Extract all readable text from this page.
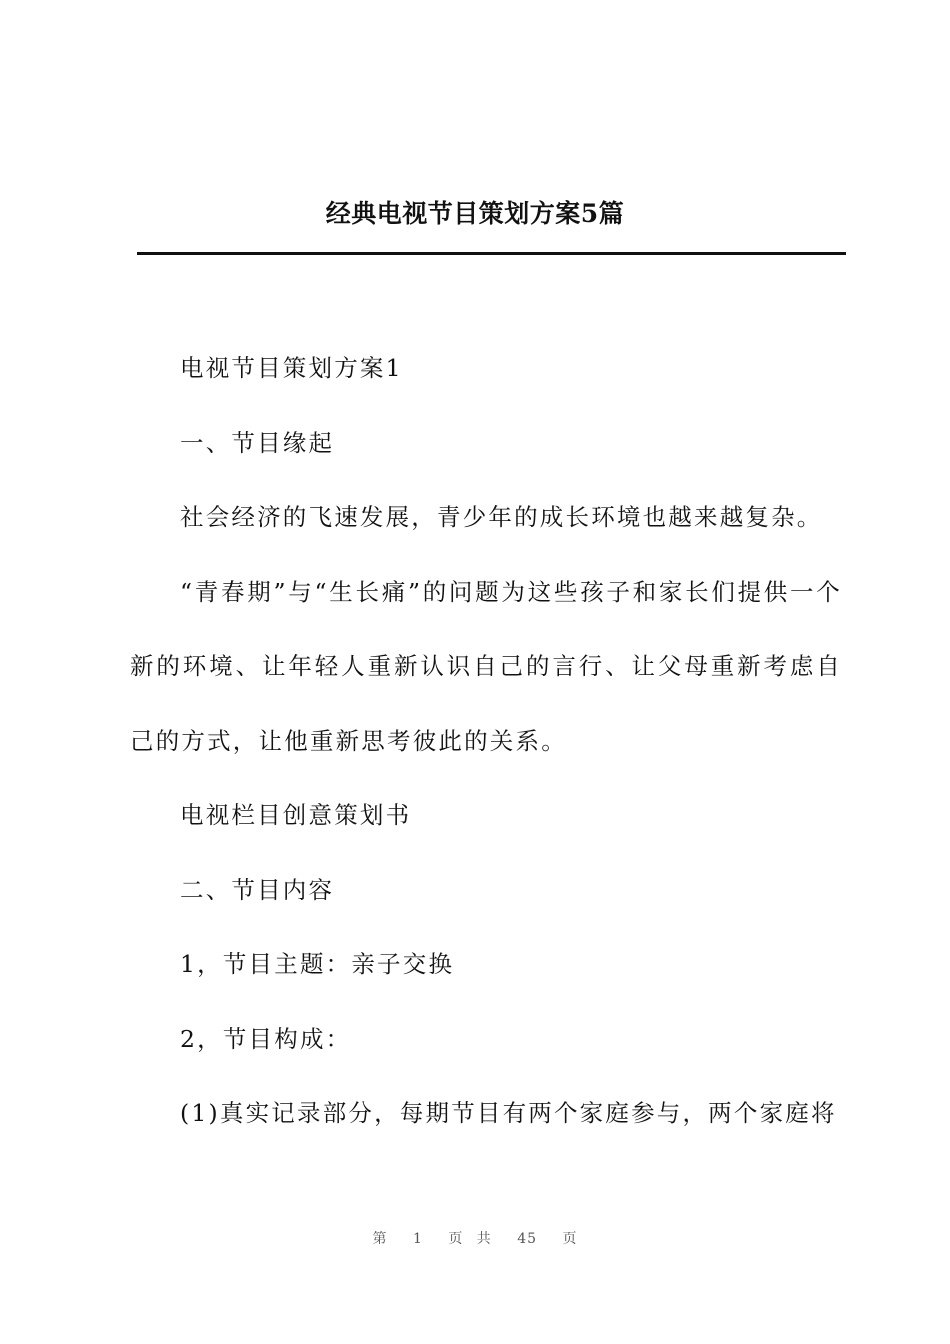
经典电视节目策划方案5篇

电视节目策划方案1

一、节目缘起

社会经济的飞速发展，青少年的成长环境也越来越复杂。

“青春期”与“生长痛”的问题为这些孩子和家长们提供一个新的环境、让年轻人重新认识自己的言行、让父母重新考虑自己的方式，让他重新思考彼此的关系。

电视栏目创意策划书

二、节目内容

1，节目主题：亲子交换

2，节目构成：

(1)真实记录部分，每期节目有两个家庭参与，两个家庭将

第 1 页 共 45 页
